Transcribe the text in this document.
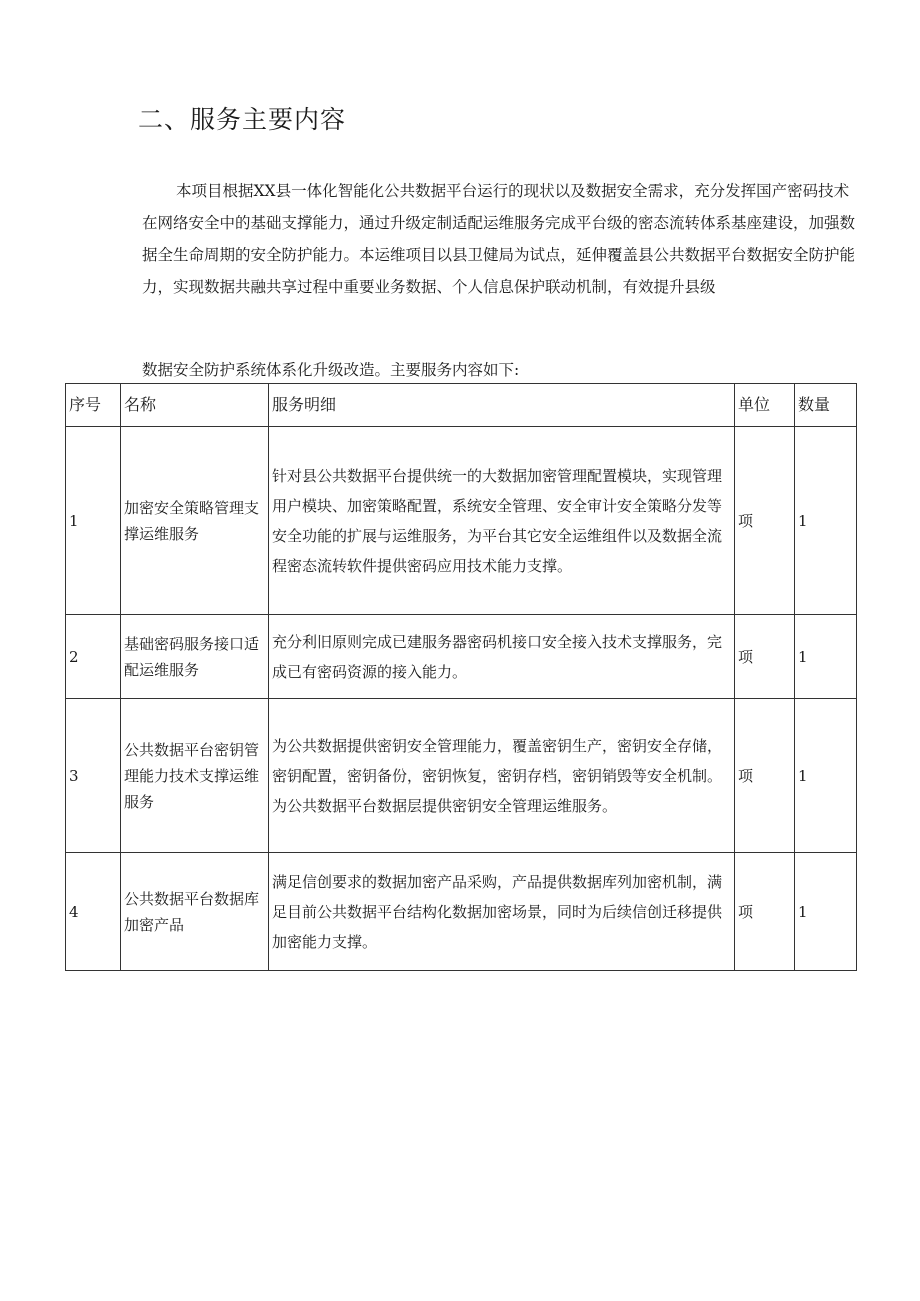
二、服务主要内容

本项目根据XX县一体化智能化公共数据平台运行的现状以及数据安全需求，充分发挥国产密码技术在网络安全中的基础支撑能力，通过升级定制适配运维服务完成平台级的密态流转体系基座建设，加强数据全生命周期的安全防护能力。本运维项目以县卫健局为试点，延伸覆盖县公共数据平台数据安全防护能力，实现数据共融共享过程中重要业务数据、个人信息保护联动机制，有效提升县级

数据安全防护系统体系化升级改造。主要服务内容如下:

序号	名称	服务明细	单位	数量
1	加密安全策略管理支撑运维服务	针对县公共数据平台提供统一的大数据加密管理配置模块，实现管理用户模块、加密策略配置，系统安全管理、安全审计安全策略分发等安全功能的扩展与运维服务，为平台其它安全运维组件以及数据全流程密态流转软件提供密码应用技术能力支撑。	项	1
2	基础密码服务接口适配运维服务	充分利旧原则完成已建服务器密码机接口安全接入技术支撑服务，完成已有密码资源的接入能力。	项	1
3	公共数据平台密钥管理能力技术支撑运维服务	为公共数据提供密钥安全管理能力，覆盖密钥生产，密钥安全存储，密钥配置，密钥备份，密钥恢复，密钥存档，密钥销毁等安全机制。为公共数据平台数据层提供密钥安全管理运维服务。	项	1
4	公共数据平台数据库加密产品	满足信创要求的数据加密产品采购，产品提供数据库列加密机制，满足目前公共数据平台结构化数据加密场景，同时为后续信创迁移提供加密能力支撑。	项	1
